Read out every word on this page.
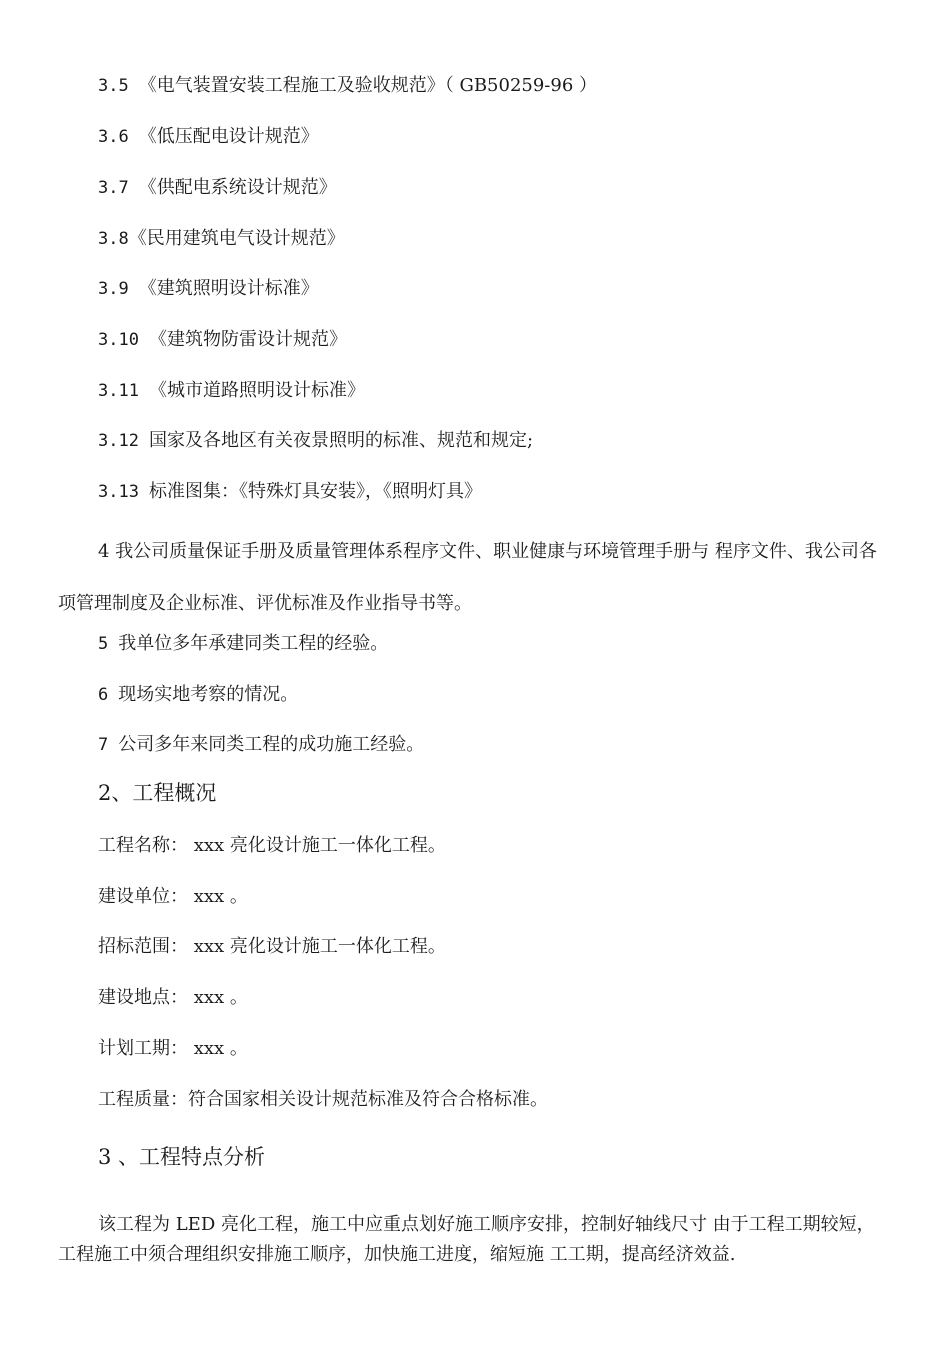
3.5 《电气装置安装工程施工及验收规范》（ GB50259-96 ）

3.6 《低压配电设计规范》

3.7 《供配电系统设计规范》

3.8《民用建筑电气设计规范》

3.9 《建筑照明设计标准》

3.10 《建筑物防雷设计规范》

3.11 《城市道路照明设计标准》

3.12 国家及各地区有关夜景照明的标准、规范和规定;

3.13 标准图集：《特殊灯具安装》，《照明灯具》

4 我公司质量保证手册及质量管理体系程序文件、职业健康与环境管理手册与 程序文件、我公司各项管理制度及企业标准、评优标准及作业指导书等。

5 我单位多年承建同类工程的经验。

6 现场实地考察的情况。

7 公司多年来同类工程的成功施工经验。

2、工程概况

工程名称： xxx 亮化设计施工一体化工程。

建设单位： xxx 。

招标范围： xxx 亮化设计施工一体化工程。

建设地点： xxx 。

计划工期： xxx 。

工程质量：符合国家相关设计规范标准及符合合格标准。

3 、工程特点分析

该工程为 LED 亮化工程，施工中应重点划好施工顺序安排，控制好轴线尺寸 由于工程工期较短，工程施工中须合理组织安排施工顺序，加快施工进度，缩短施 工工期，提高经济效益.
